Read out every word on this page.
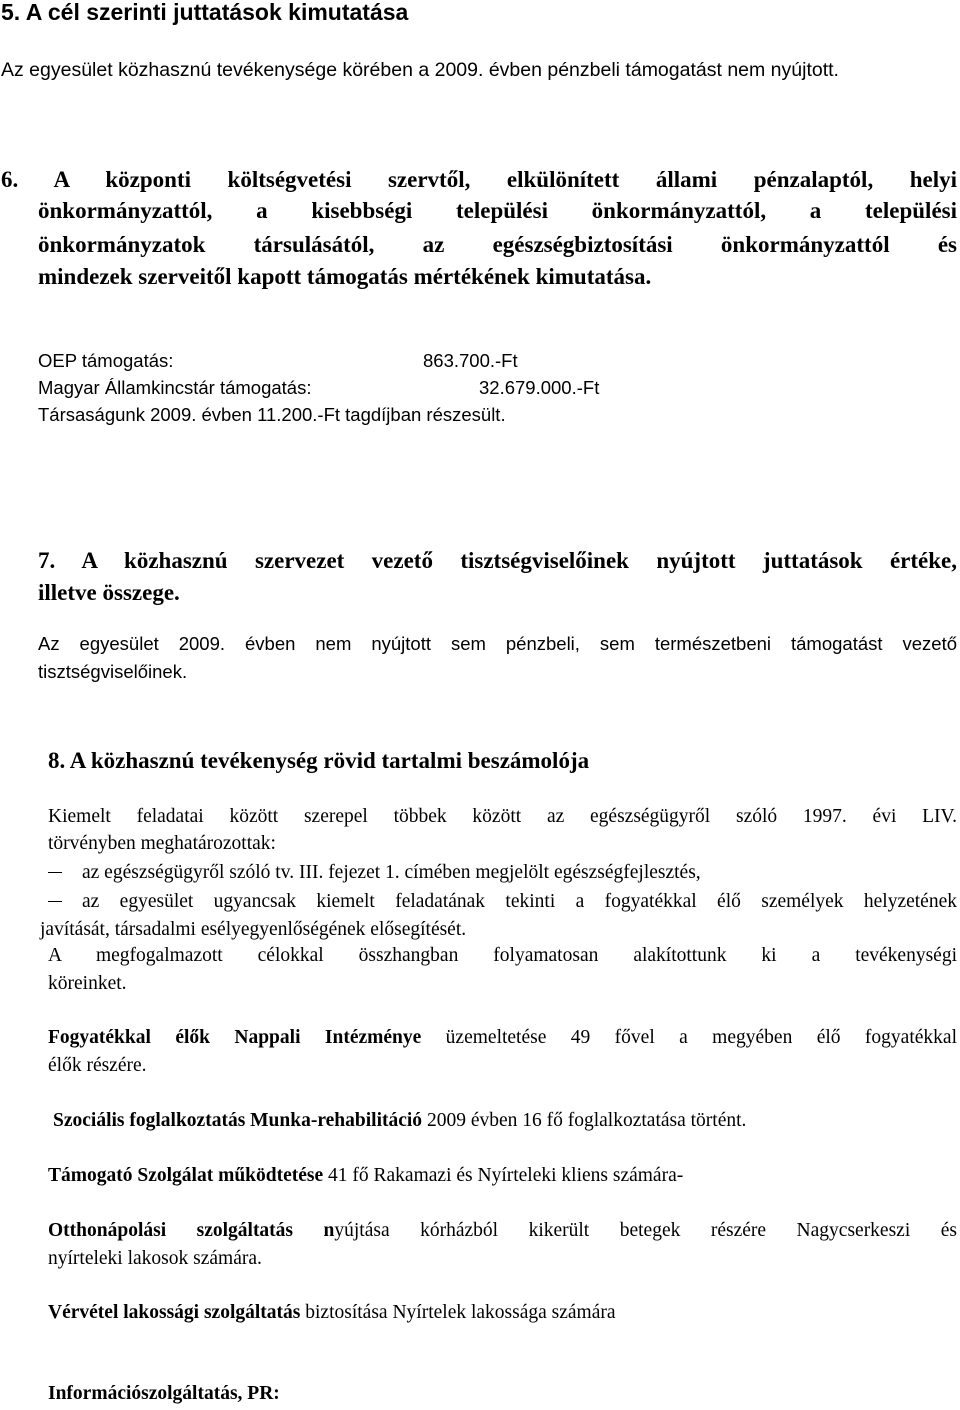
5. A cél szerinti juttatások kimutatása
Az egyesület közhasznú tevékenysége körében a 2009. évben pénzbeli támogatást nem nyújtott.
6. A központi költségvetési szervtől, elkülönített állami pénzalaptól, helyi
önkormányzattól, a kisebbségi települési önkormányzattól, a települési
önkormányzatok társulásától, az egészségbiztosítási önkormányzattól és
mindezek szerveitől kapott támogatás mértékének kimutatása.
OEP támogatás:	863.700.-Ft
Magyar Államkincstár támogatás:	32.679.000.-Ft
Társaságunk 2009. évben 11.200.-Ft tagdíjban részesült.
7. A közhasznú szervezet vezető tisztségviselőinek nyújtott juttatások értéke,
illetve összege.
Az egyesület 2009. évben nem nyújtott sem pénzbeli, sem természetbeni támogatást vezető
tisztségviselőinek.
8. A közhasznú tevékenység rövid tartalmi beszámolója
Kiemelt feladatai között szerepel többek között az egészségügyről szóló 1997. évi LIV.
törvényben meghatározottak:
az egészségügyről szóló tv. III. fejezet 1. címében megjelölt egészségfejlesztés,
az egyesület ugyancsak kiemelt feladatának tekinti a fogyatékkal élő személyek helyzetének
javítását, társadalmi esélyegyenlőségének elősegítését.
A megfogalmazott célokkal összhangban folyamatosan alakítottunk ki a tevékenységi
köreinket.
Fogyatékkal élők Nappali Intézménye üzemeltetése 49 fővel a megyében élő fogyatékkal
élők részére.
Szociális foglalkoztatás Munka-rehabilitáció 2009 évben 16 fő foglalkoztatása történt.
Támogató Szolgálat működtetése 41 fő Rakamazi és Nyírteleki kliens számára-
Otthonápolási szolgáltatás nyújtása kórházból kikerült betegek részére Nagycserkeszi és
nyírteleki lakosok számára.
Vérvétel lakossági szolgáltatás biztosítása Nyírtelek lakossága számára
Információszolgáltatás, PR:
